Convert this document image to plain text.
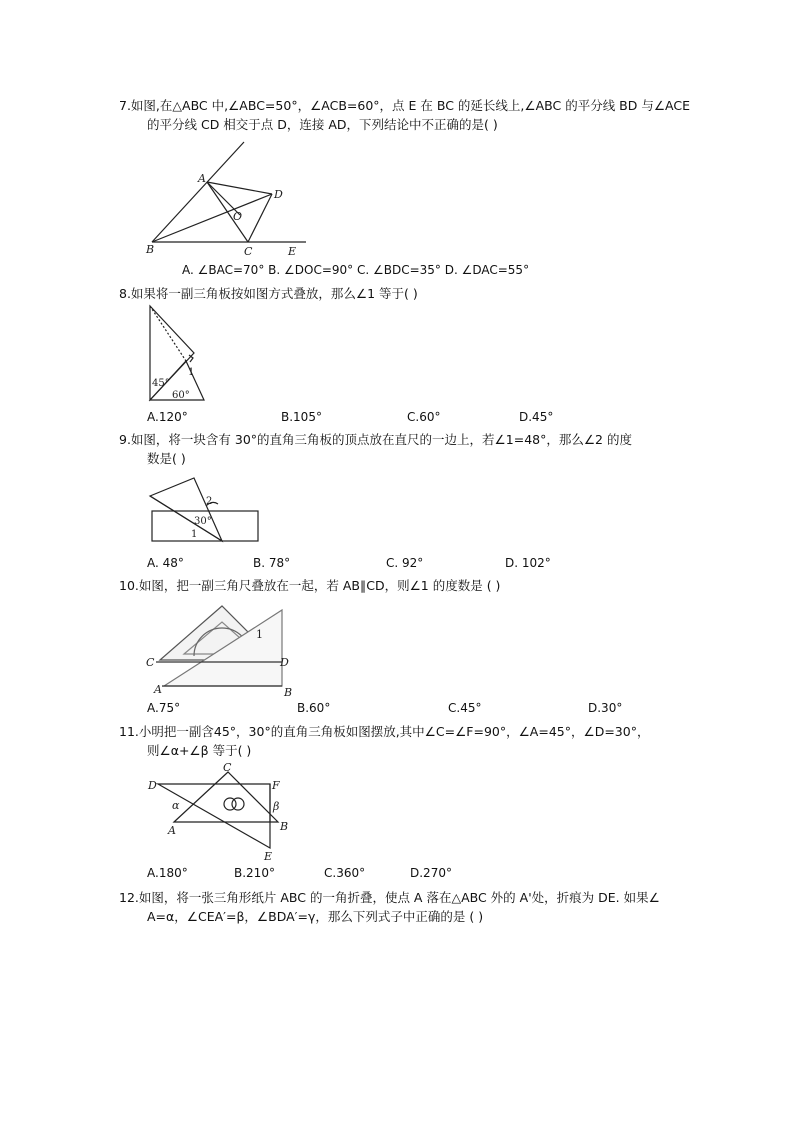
7.如图,在△ABC 中,∠ABC=50°，∠ACB=60°，点 E 在 BC 的延长线上,∠ABC 的平分线 BD 与∠ACE
的平分线 CD 相交于点 D，连接 AD，下列结论中不正确的是( )
A
B	C
D
E
O
A. ∠BAC=70° B. ∠DOC=90° C. ∠BDC=35° D. ∠DAC=55°
8.如果将一副三角板按如图方式叠放，那么∠1 等于( )
45°
60°
1
A.120°	B.105°	C.60°	D.45°
9.如图，将一块含有 30°的直角三角板的顶点放在直尺的一边上，若∠1=48°，那么∠2 的度
数是( )
2
30°
1
A. 48°	B. 78°	C. 92°	D. 102°
10.如图，把一副三角尺叠放在一起，若 AB∥CD，则∠1 的度数是 ( )
C	D
A	B
1
A.75°	B.60°	C.45°	D.30°
11.小明把一副含45°，30°的直角三角板如图摆放,其中∠C=∠F=90°，∠A=45°，∠D=30°，
则∠α+∠β 等于( )
C
D	F
α	β
A	B
E
A.180°	B.210°	C.360°	D.270°
12.如图，将一张三角形纸片 ABC 的一角折叠，使点 A 落在△ABC 外的 A'处，折痕为 DE. 如果∠
A=α，∠CEA′=β，∠BDA′=γ，那么下列式子中正确的是 ( )
